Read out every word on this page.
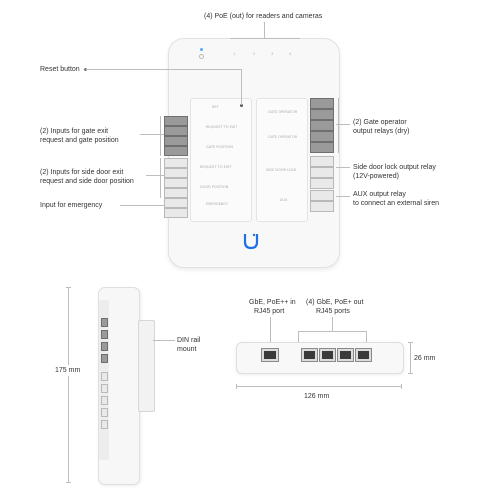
1	2	3	4
RST
REQUEST TO EXIT
GATE POSITION
REQUEST TO EXIT
DOOR POSITION
EMERGENCY
GATE OPERATOR
GATE OPERATOR
SIDE DOOR LOCK
AUX
(4) PoE (out) for readers and cameras
Reset button
(2) Inputs for gate exit
request and gate position
(2) Inputs for side door exit
request and side door position
Input for emergency
(2) Gate operator
output relays (dry)
Side door lock output relay
(12V-powered)
AUX output relay
to connect an external siren
175 mm
DIN rail
mount
GbE, PoE++ in
RJ45 port
(4) GbE, PoE+ out
RJ45 ports
26 mm
126 mm
